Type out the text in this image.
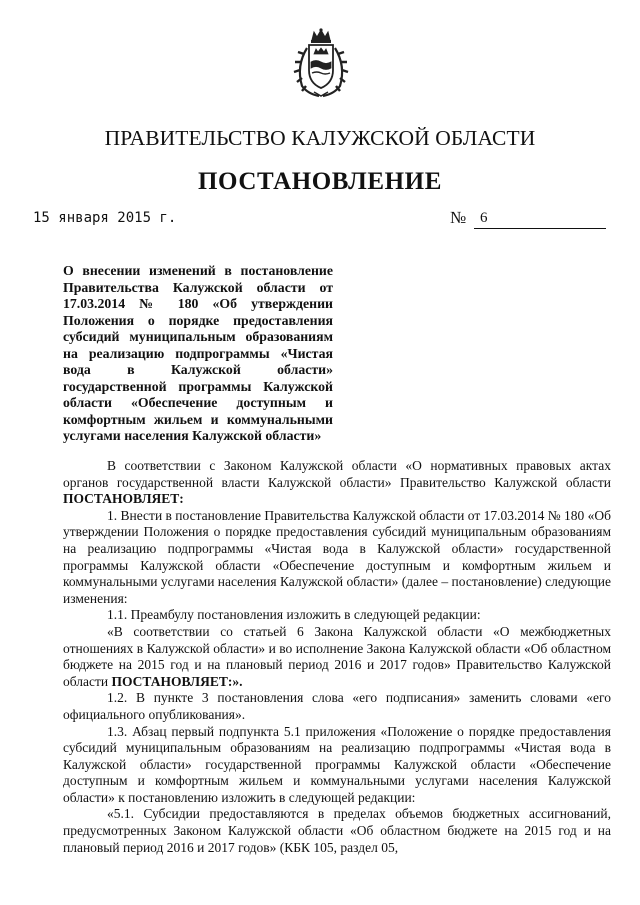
ПРАВИТЕЛЬСТВО КАЛУЖСКОЙ ОБЛАСТИ
ПОСТАНОВЛЕНИЕ
15 января 2015 г.	№ 6
О внесении изменений в постановление Правительства Калужской области от 17.03.2014 № 180 «Об утверждении Положения о порядке предоставления субсидий муниципальным образованиям на реализацию подпрограммы «Чистая вода в Калужской области» государственной программы Калужской области «Обеспечение доступным и комфортным жильем и коммунальными услугами населения Калужской области»

В соответствии с Законом Калужской области «О нормативных правовых актах органов государственной власти Калужской области» Правительство Калужской области ПОСТАНОВЛЯЕТ:

1. Внести в постановление Правительства Калужской области от 17.03.2014 № 180 «Об утверждении Положения о порядке предоставления субсидий муниципальным образованиям на реализацию подпрограммы «Чистая вода в Калужской области» государственной программы Калужской области «Обеспечение доступным и комфортным жильем и коммунальными услугами населения Калужской области» (далее – постановление) следующие изменения:

1.1. Преамбулу постановления изложить в следующей редакции:

«В соответствии со статьей 6 Закона Калужской области «О межбюджетных отношениях в Калужской области» и во исполнение Закона Калужской области «Об областном бюджете на 2015 год и на плановый период 2016 и 2017 годов» Правительство Калужской области ПОСТАНОВЛЯЕТ:».

1.2. В пункте 3 постановления слова «его подписания» заменить словами «его официального опубликования».

1.3. Абзац первый подпункта 5.1 приложения «Положение о порядке предоставления субсидий муниципальным образованиям на реализацию подпрограммы «Чистая вода в Калужской области» государственной программы Калужской области «Обеспечение доступным и комфортным жильем и коммунальными услугами населения Калужской области» к постановлению изложить в следующей редакции:

«5.1. Субсидии предоставляются в пределах объемов бюджетных ассигнований, предусмотренных Законом Калужской области «Об областном бюджете на 2015 год и на плановый период 2016 и 2017 годов» (КБК 105, раздел 05,
